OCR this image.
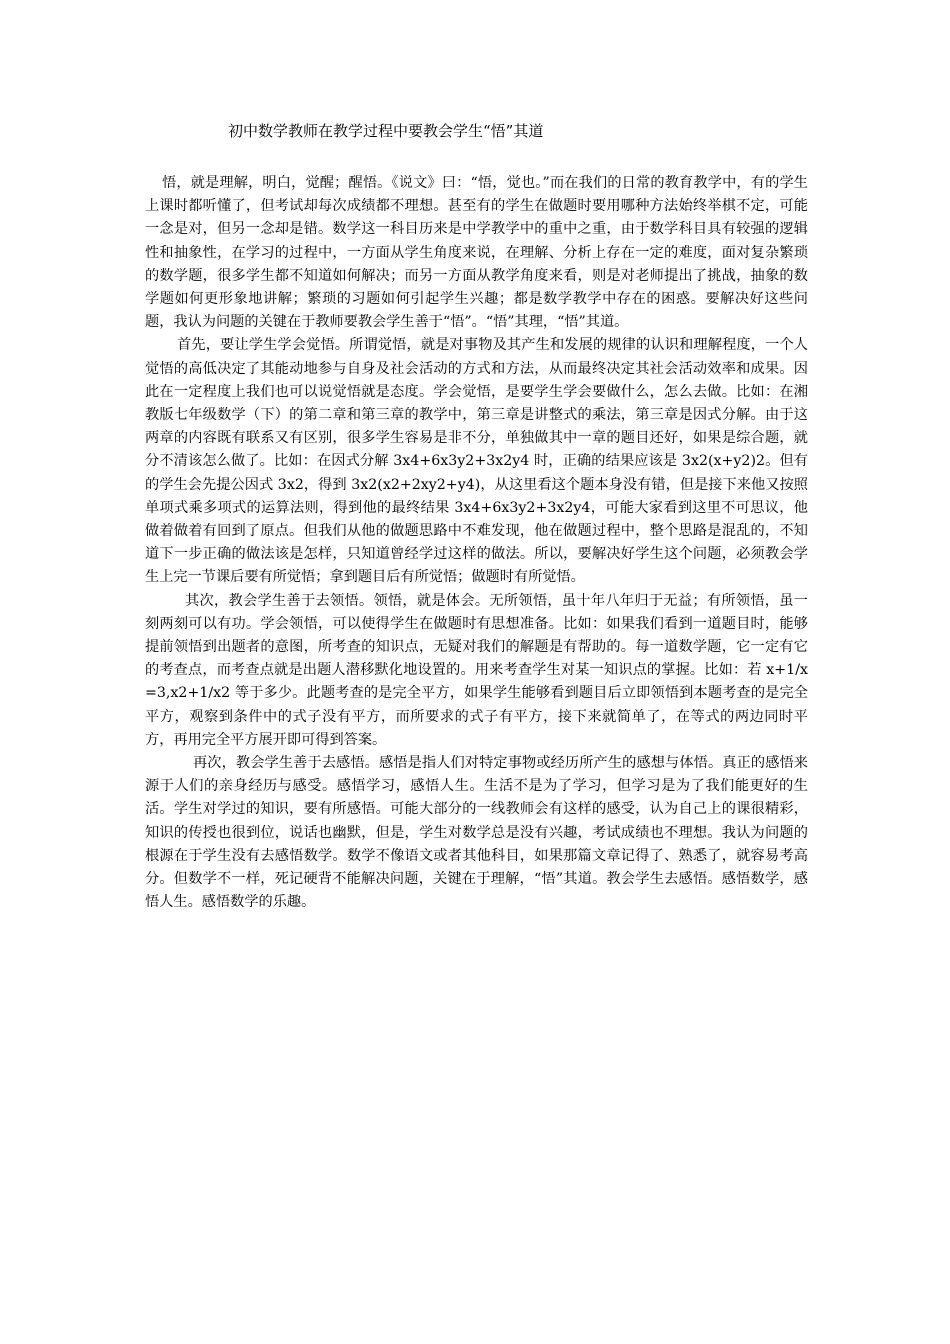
初中数学教师在教学过程中要教会学生“悟”其道

悟，就是理解，明白，觉醒；醒悟。《说文》曰：“悟，觉也。”而在我们的日常的教育教学中，有的学生上课时都听懂了，但考试却每次成绩都不理想。甚至有的学生在做题时要用哪种方法始终举棋不定，可能一念是对，但另一念却是错。数学这一科目历来是中学教学中的重中之重，由于数学科目具有较强的逻辑性和抽象性，在学习的过程中，一方面从学生角度来说，在理解、分析上存在一定的难度，面对复杂繁琐的数学题，很多学生都不知道如何解决；而另一方面从教学角度来看，则是对老师提出了挑战，抽象的数学题如何更形象地讲解；繁琐的习题如何引起学生兴趣；都是数学教学中存在的困惑。要解决好这些问题，我认为问题的关键在于教师要教会学生善于“悟”。“悟”其理，“悟”其道。

首先，要让学生学会觉悟。所谓觉悟，就是对事物及其产生和发展的规律的认识和理解程度，一个人觉悟的高低决定了其能动地参与自身及社会活动的方式和方法，从而最终决定其社会活动效率和成果。因此在一定程度上我们也可以说觉悟就是态度。学会觉悟，是要学生学会要做什么，怎么去做。比如：在湘教版七年级数学（下）的第二章和第三章的教学中，第三章是讲整式的乘法，第三章是因式分解。由于这两章的内容既有联系又有区别，很多学生容易是非不分，单独做其中一章的题目还好，如果是综合题，就分不清该怎么做了。比如：在因式分解 3x4+6x3y2+3x2y4 时，正确的结果应该是 3x2(x+y2)2。但有的学生会先提公因式 3x2，得到 3x2(x2+2xy2+y4)，从这里看这个题本身没有错，但是接下来他又按照单项式乘多项式的运算法则，得到他的最终结果 3x4+6x3y2+3x2y4，可能大家看到这里不可思议，他做着做着有回到了原点。但我们从他的做题思路中不难发现，他在做题过程中，整个思路是混乱的，不知道下一步正确的做法该是怎样，只知道曾经学过这样的做法。所以，要解决好学生这个问题，必须教会学生上完一节课后要有所觉悟；拿到题目后有所觉悟；做题时有所觉悟。

其次，教会学生善于去领悟。领悟，就是体会。无所领悟，虽十年八年归于无益；有所领悟，虽一刻两刻可以有功。学会领悟，可以使得学生在做题时有思想准备。比如：如果我们看到一道题目时，能够提前领悟到出题者的意图，所考查的知识点，无疑对我们的解题是有帮助的。每一道数学题，它一定有它的考查点，而考查点就是出题人潜移默化地设置的。用来考查学生对某一知识点的掌握。比如：若 x+1/x=3,x2+1/x2 等于多少。此题考查的是完全平方，如果学生能够看到题目后立即领悟到本题考查的是完全平方，观察到条件中的式子没有平方，而所要求的式子有平方，接下来就简单了，在等式的两边同时平方，再用完全平方展开即可得到答案。

再次，教会学生善于去感悟。感悟是指人们对特定事物或经历所产生的感想与体悟。真正的感悟来源于人们的亲身经历与感受。感悟学习，感悟人生。生活不是为了学习，但学习是为了我们能更好的生活。学生对学过的知识，要有所感悟。可能大部分的一线教师会有这样的感受，认为自己上的课很精彩，知识的传授也很到位，说话也幽默，但是，学生对数学总是没有兴趣，考试成绩也不理想。我认为问题的根源在于学生没有去感悟数学。数学不像语文或者其他科目，如果那篇文章记得了、熟悉了，就容易考高分。但数学不一样，死记硬背不能解决问题，关键在于理解，“悟”其道。教会学生去感悟。感悟数学，感悟人生。感悟数学的乐趣。
